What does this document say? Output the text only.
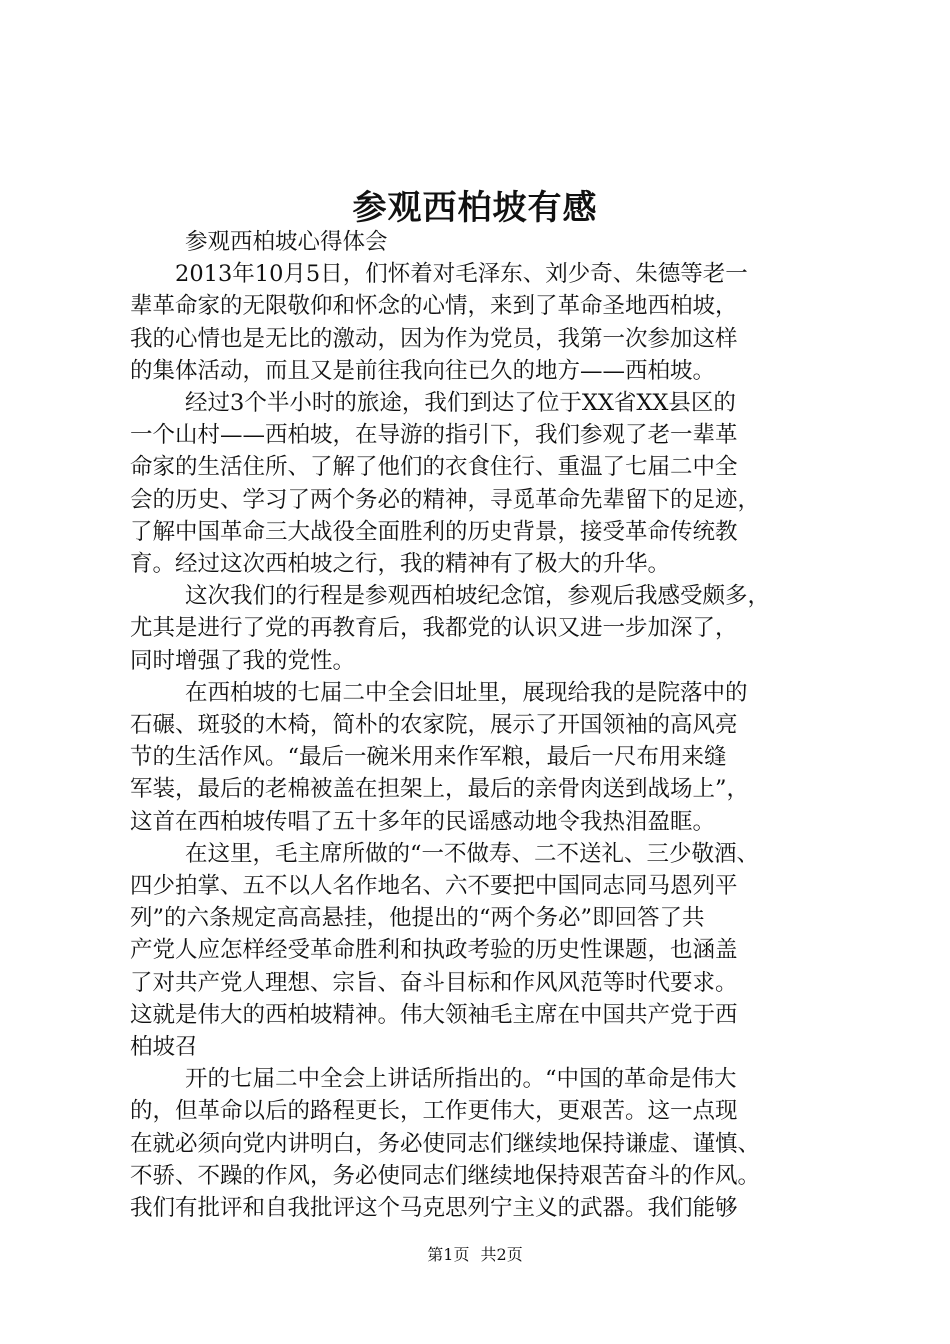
参观西柏坡有感
参观西柏坡心得体会
2013年10月5日，们怀着对毛泽东、刘少奇、朱德等老一
辈革命家的无限敬仰和怀念的心情，来到了革命圣地西柏坡，
我的心情也是无比的激动，因为作为党员，我第一次参加这样
的集体活动，而且又是前往我向往已久的地方——西柏坡。
经过3个半小时的旅途，我们到达了位于XX省XX县区的
一个山村——西柏坡，在导游的指引下，我们参观了老一辈革
命家的生活住所、了解了他们的衣食住行、重温了七届二中全
会的历史、学习了两个务必的精神，寻觅革命先辈留下的足迹，
了解中国革命三大战役全面胜利的历史背景，接受革命传统教
育。经过这次西柏坡之行，我的精神有了极大的升华。
这次我们的行程是参观西柏坡纪念馆，参观后我感受颇多，
尤其是进行了党的再教育后，我都党的认识又进一步加深了，
同时增强了我的党性。
在西柏坡的七届二中全会旧址里，展现给我的是院落中的
石碾、斑驳的木椅，简朴的农家院，展示了开国领袖的高风亮
节的生活作风。“最后一碗米用来作军粮，最后一尺布用来缝
军装，最后的老棉被盖在担架上，最后的亲骨肉送到战场上”，
这首在西柏坡传唱了五十多年的民谣感动地令我热泪盈眶。
在这里，毛主席所做的“一不做寿、二不送礼、三少敬酒、
四少拍掌、五不以人名作地名、六不要把中国同志同马恩列平
列”的六条规定高高悬挂，他提出的“两个务必”即回答了共
产党人应怎样经受革命胜利和执政考验的历史性课题，也涵盖
了对共产党人理想、宗旨、奋斗目标和作风风范等时代要求。
这就是伟大的西柏坡精神。伟大领袖毛主席在中国共产党于西
柏坡召
开的七届二中全会上讲话所指出的。“中国的革命是伟大
的，但革命以后的路程更长，工作更伟大，更艰苦。这一点现
在就必须向党内讲明白，务必使同志们继续地保持谦虚、谨慎、
不骄、不躁的作风，务必使同志们继续地保持艰苦奋斗的作风。
我们有批评和自我批评这个马克思列宁主义的武器。我们能够
第1页 共2页
